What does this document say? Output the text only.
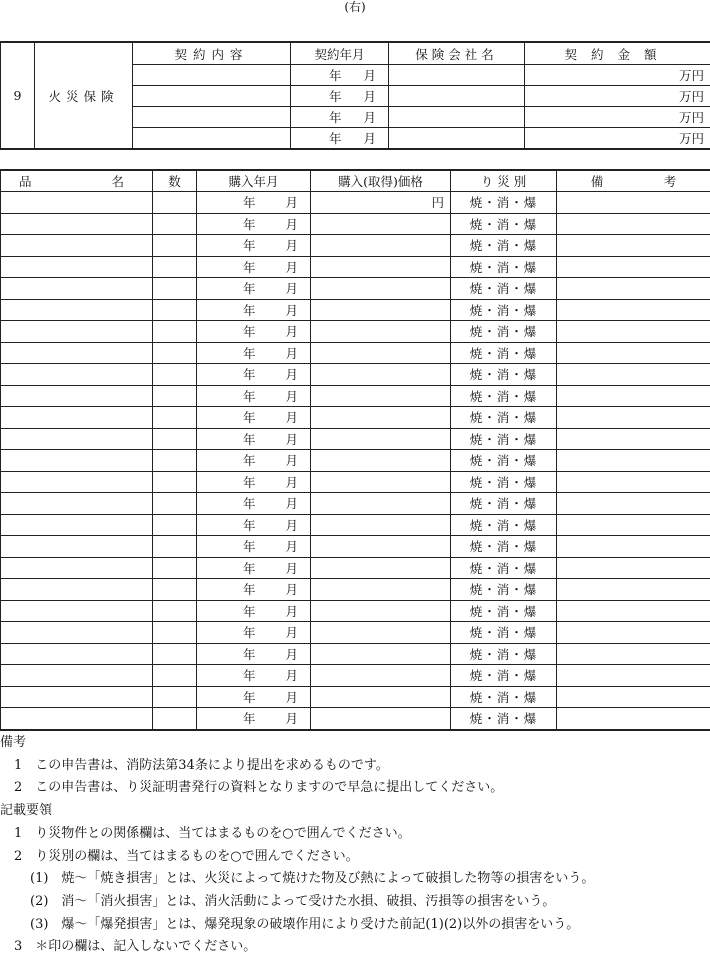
(右)
9	火災保険	契約内容	契約年月	保険会社名	契約金額

			年 月		万円

			年 月		万円

			年 月		万円

			年 月		万円
品 名	数	購入年月	購入(取得)価格	り 災 別	備　考

		年 月	円	焼・消・爆	

		年 月		焼・消・爆	

		年 月		焼・消・爆	

		年 月		焼・消・爆	

		年 月		焼・消・爆	

		年 月		焼・消・爆	

		年 月		焼・消・爆	

		年 月		焼・消・爆	

		年 月		焼・消・爆	

		年 月		焼・消・爆	

		年 月		焼・消・爆	

		年 月		焼・消・爆	

		年 月		焼・消・爆	

		年 月		焼・消・爆	

		年 月		焼・消・爆	

		年 月		焼・消・爆	

		年 月		焼・消・爆	

		年 月		焼・消・爆	

		年 月		焼・消・爆	

		年 月		焼・消・爆	

		年 月		焼・消・爆	

		年 月		焼・消・爆	

		年 月		焼・消・爆	

		年 月		焼・消・爆	

		年 月		焼・消・爆	
備考
1　この申告書は、消防法第34条により提出を求めるものです。
2　この申告書は、り災証明書発行の資料となりますので早急に提出してください。
記載要領
1　り災物件との関係欄は、当てはまるものを○で囲んでください。
2　り災別の欄は、当てはまるものを○で囲んでください。
(1)　焼～「焼き損害」とは、火災によって焼けた物及び熱によって破損した物等の損害をいう。
(2)　消～「消火損害」とは、消火活動によって受けた水損、破損、汚損等の損害をいう。
(3)　爆～「爆発損害」とは、爆発現象の破壊作用により受けた前記(1)(2)以外の損害をいう。
3　＊印の欄は、記入しないでください。
